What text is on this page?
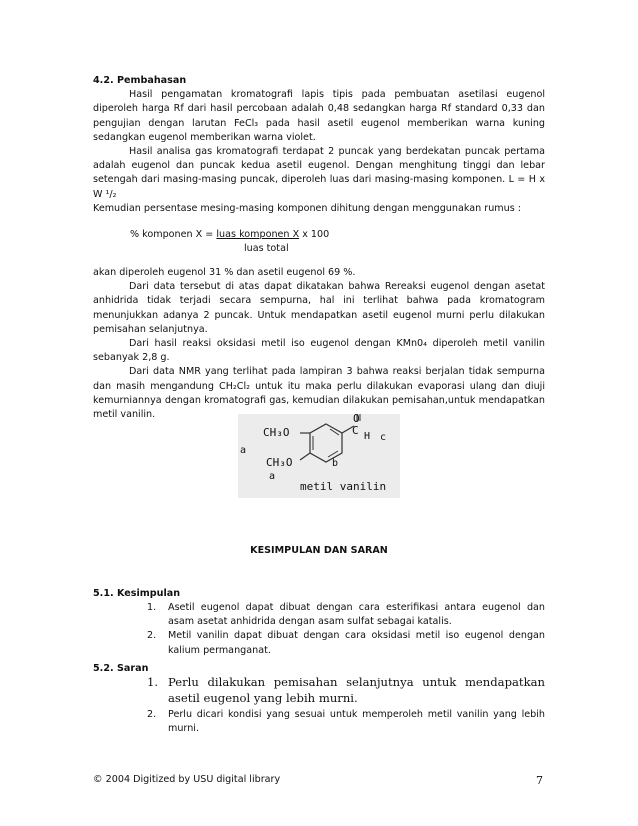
4.2. Pembahasan
Hasil pengamatan kromatografi lapis tipis pada pembuatan asetilasi eugenol diperoleh harga Rf dari hasil percobaan adalah 0,48 sedangkan harga Rf standard 0,33 dan pengujian dengan larutan FeCl₃ pada hasil asetil eugenol memberikan warna kuning sedangkan eugenol memberikan warna violet.
Hasil analisa gas kromatografi terdapat 2 puncak yang berdekatan puncak pertama adalah eugenol dan puncak kedua asetil eugenol. Dengan menghitung tinggi dan lebar setengah dari masing-masing puncak, diperoleh luas dari masing-masing komponen. L = H x W ¹/₂
Kemudian persentase mesing-masing komponen dihitung dengan menggunakan rumus :
% komponen X = luas komponen X x 100
luas total
akan diperoleh eugenol 31 % dan asetil eugenol 69 %.
Dari data tersebut di atas dapat dikatakan bahwa Rereaksi eugenol dengan asetat anhidrida tidak terjadi secara sempurna, hal ini terlihat bahwa pada kromatogram menunjukkan adanya 2 puncak. Untuk mendapatkan asetil eugenol murni perlu dilakukan pemisahan selanjutnya.
Dari hasil reaksi oksidasi metil iso eugenol dengan KMn0₄ diperoleh metil vanilin sebanyak 2,8 g.
Dari data NMR yang terlihat pada lampiran 3 bahwa reaksi berjalan tidak sempurna dan masih mengandung CH₂Cl₂ untuk itu maka perlu dilakukan evaporasi ulang dan diuji kemurniannya dengan kromatografi gas, kemudian dilakukan pemisahan,untuk mendapatkan metil vanilin.	O
C H c
CH₃O
CH₃O
a
a
b
metil vanilin
KESIMPULAN DAN SARAN
5.1. Kesimpulan
1.	Asetil eugenol dapat dibuat dengan cara esterifikasi antara eugenol dan asam asetat anhidrida dengan asam sulfat sebagai katalis.
2.	Metil vanilin dapat dibuat dengan cara oksidasi metil iso eugenol dengan kalium permanganat.
5.2. Saran
1. Perlu dilakukan pemisahan selanjutnya untuk mendapatkan asetil eugenol yang lebih murni.
2.	Perlu dicari kondisi yang sesuai untuk memperoleh metil vanilin yang lebih murni.
© 2004 Digitized by USU digital library	7
